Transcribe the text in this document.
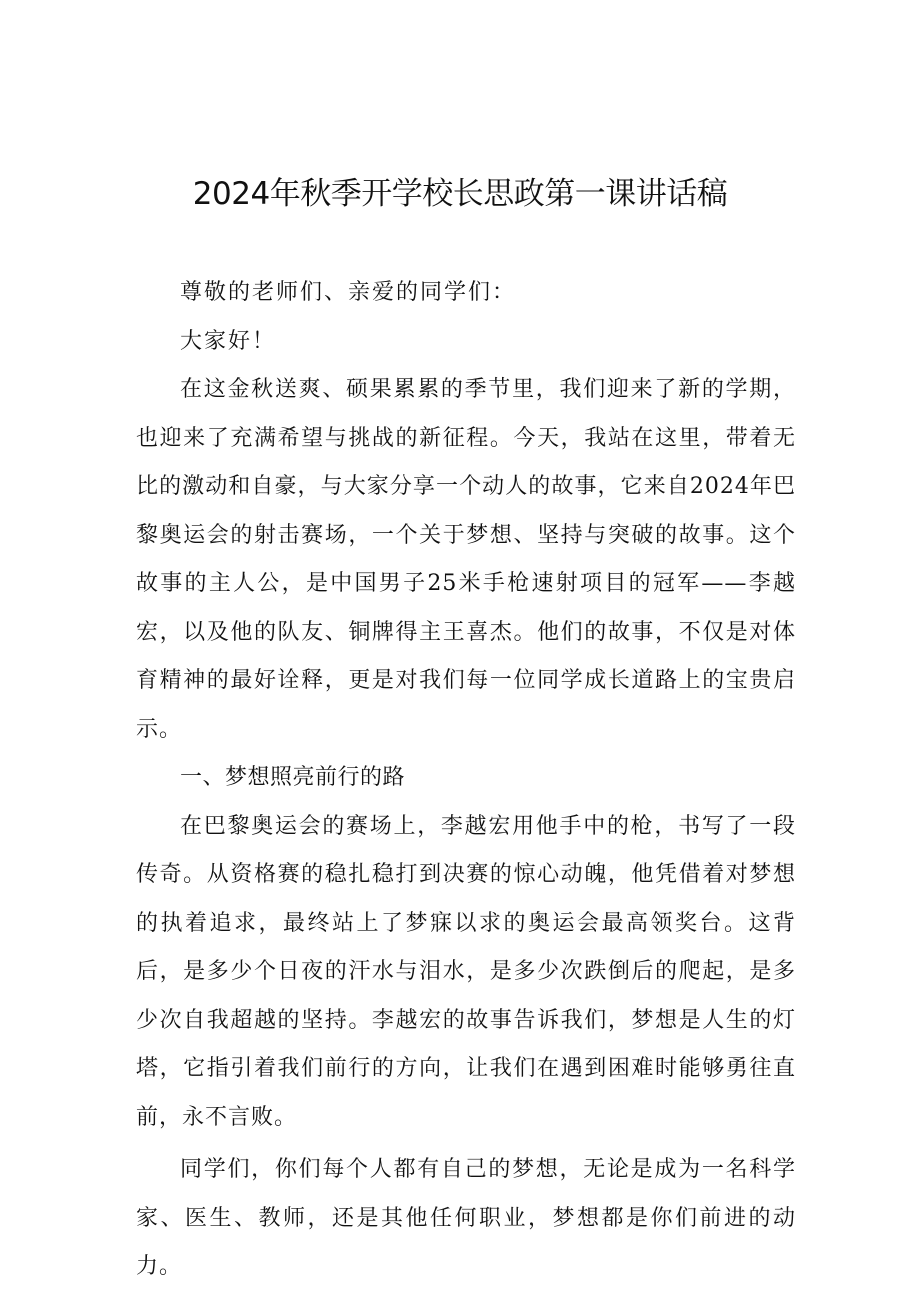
2024年秋季开学校长思政第一课讲话稿

尊敬的老师们、亲爱的同学们：

大家好！

在这金秋送爽、硕果累累的季节里，我们迎来了新的学期，也迎来了充满希望与挑战的新征程。今天，我站在这里，带着无比的激动和自豪，与大家分享一个动人的故事，它来自2024年巴黎奥运会的射击赛场，一个关于梦想、坚持与突破的故事。这个故事的主人公，是中国男子25米手枪速射项目的冠军——李越宏，以及他的队友、铜牌得主王喜杰。他们的故事，不仅是对体育精神的最好诠释，更是对我们每一位同学成长道路上的宝贵启示。

一、梦想照亮前行的路

在巴黎奥运会的赛场上，李越宏用他手中的枪，书写了一段传奇。从资格赛的稳扎稳打到决赛的惊心动魄，他凭借着对梦想的执着追求，最终站上了梦寐以求的奥运会最高领奖台。这背后，是多少个日夜的汗水与泪水，是多少次跌倒后的爬起，是多少次自我超越的坚持。李越宏的故事告诉我们，梦想是人生的灯塔，它指引着我们前行的方向，让我们在遇到困难时能够勇往直前，永不言败。

同学们，你们每个人都有自己的梦想，无论是成为一名科学家、医生、教师，还是其他任何职业，梦想都是你们前进的动力。
